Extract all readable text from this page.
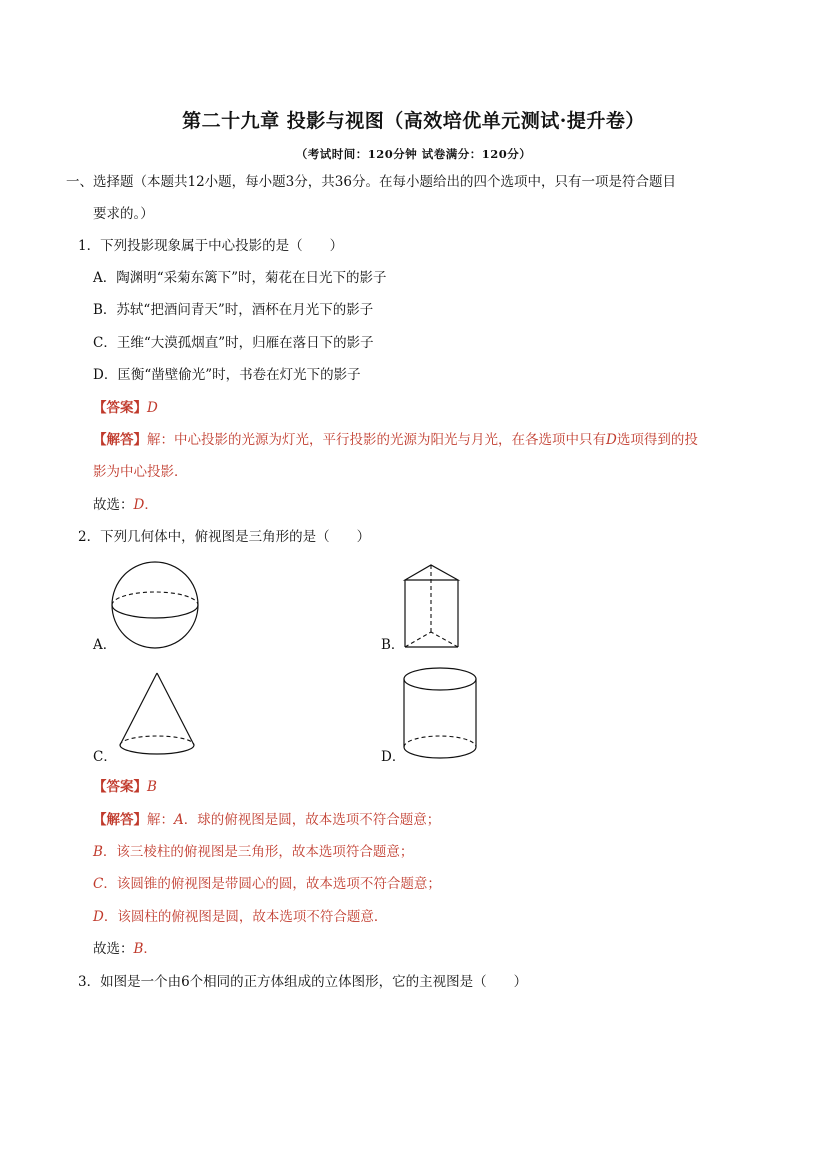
第二十九章 投影与视图（高效培优单元测试·提升卷）
（考试时间：120分钟 试卷满分：120分）
一、选择题（本题共12小题，每小题3分，共36分。在每小题给出的四个选项中，只有一项是符合题目
要求的。）
1．下列投影现象属于中心投影的是（　　）
A．陶渊明“采菊东篱下”时，菊花在日光下的影子
B．苏轼“把酒问青天”时，酒杯在月光下的影子
C．王维“大漠孤烟直”时，归雁在落日下的影子
D．匡衡“凿壁偷光”时，书卷在灯光下的影子
【答案】D
【解答】解：中心投影的光源为灯光，平行投影的光源为阳光与月光，在各选项中只有D选项得到的投
影为中心投影．
故选：D．
2．下列几何体中，俯视图是三角形的是（　　）
A．	B．
C．	D．
【答案】B
【解答】解：A．球的俯视图是圆，故本选项不符合题意；
B．该三棱柱的俯视图是三角形，故本选项符合题意；
C．该圆锥的俯视图是带圆心的圆，故本选项不符合题意；
D．该圆柱的俯视图是圆，故本选项不符合题意．
故选：B．
3．如图是一个由6个相同的正方体组成的立体图形，它的主视图是（　　）
